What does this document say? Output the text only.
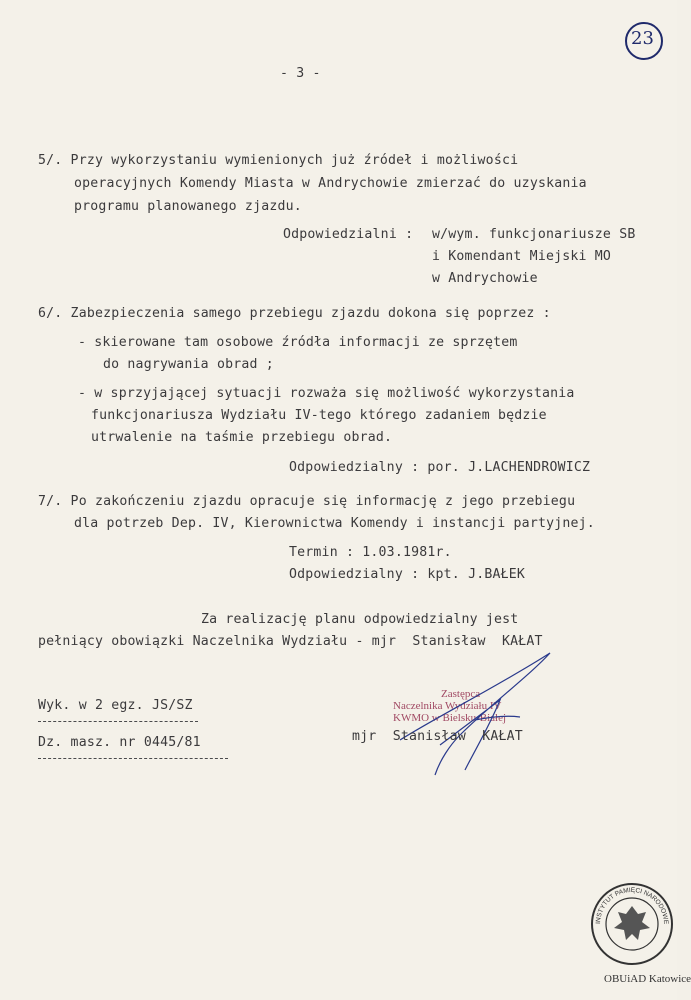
23
- 3 -
5/. Przy wykorzystaniu wymienionych już źródeł i możliwości
operacyjnych Komendy Miasta w Andrychowie zmierzać do uzyskania
programu planowanego zjazdu.
Odpowiedzialni : w/wym. funkcjonariusze SB
i Komendant Miejski MO
w Andrychowie
6/. Zabezpieczenia samego przebiegu zjazdu dokona się poprzez :
- skierowane tam osobowe źródła informacji ze sprzętem
do nagrywania obrad ;
- w sprzyjającej sytuacji rozważa się możliwość wykorzystania
funkcjonariusza Wydziału IV-tego którego zadaniem będzie
utrwalenie na taśmie przebiegu obrad.
Odpowiedzialny : por. J.LACHENDROWICZ
7/. Po zakończeniu zjazdu opracuje się informację z jego przebiegu
dla potrzeb Dep. IV, Kierownictwa Komendy i instancji partyjnej.
Termin : 1.03.1981r.
Odpowiedzialny : kpt. J.BAŁEK
Za realizację planu odpowiedzialny jest
pełniący obowiązki Naczelnika Wydziału - mjr  Stanisław  KAŁAT
Wyk. w 2 egz. JS/SZ
Dz. masz. nr 0445/81
Zastępca
Naczelnika Wydziału IV
KWMO w Bielsku-Białej
mjr  Stanisław  KAŁAT
INSTYTUT PAMIĘCI NARODOWE
OBUiAD Katowice
